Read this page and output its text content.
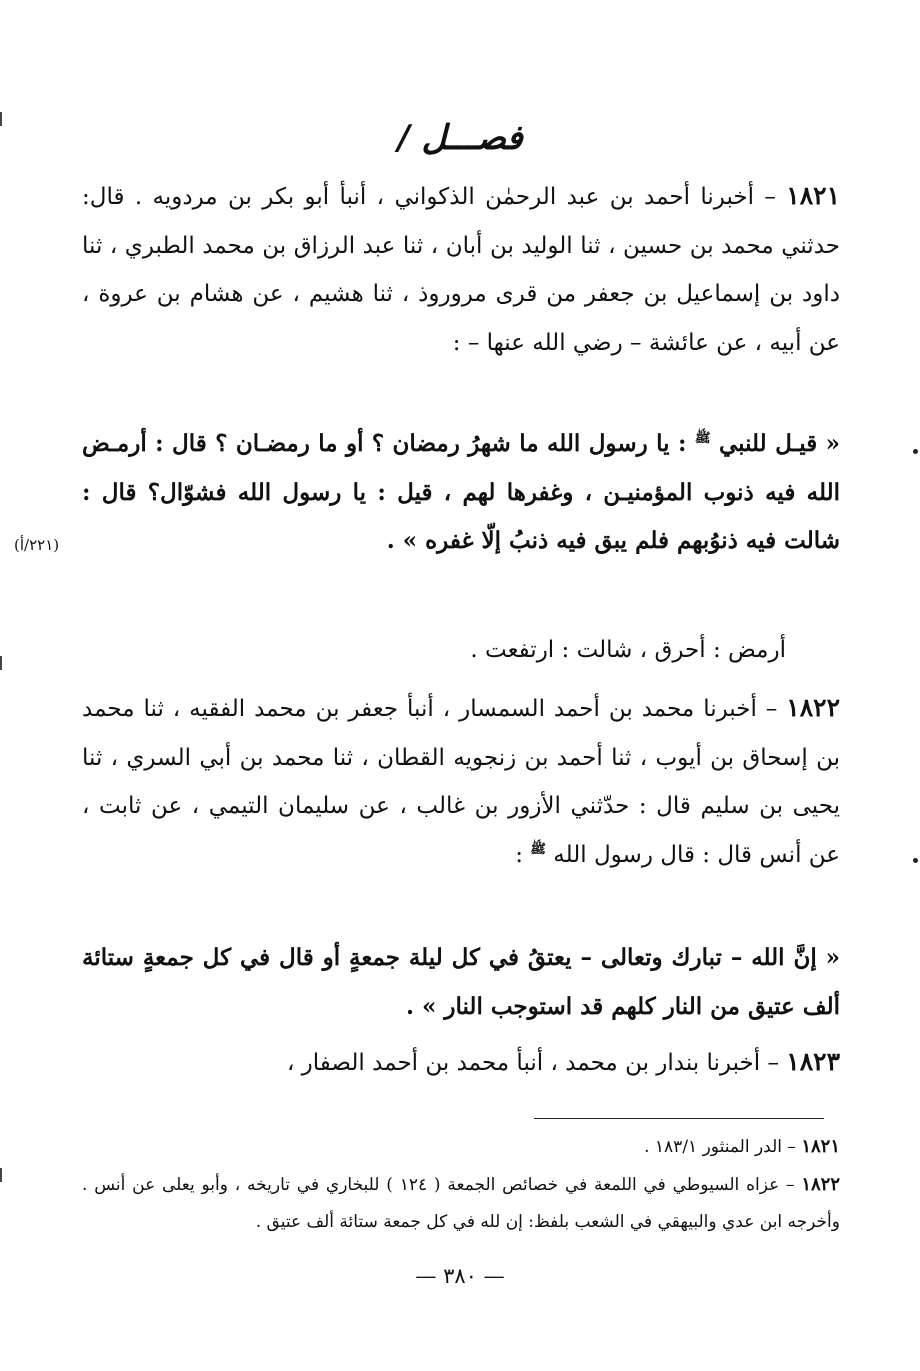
فصـــل /

١٨٢١ – أخبرنا أحمد بن عبد الرحمٰن الذكواني ، أنبأ أبو بكر بن مردويه . قال: حدثني محمد بن حسين ، ثنا الوليد بن أبان ، ثنا عبد الرزاق بن محمد الطبري ، ثنا داود بن إسماعيل بن جعفر من قرى مروروذ ، ثنا هشيم ، عن هشام بن عروة ، عن أبيه ، عن عائشة – رضي الله عنها – :

« قيـل للنبي ﷺ : يا رسول الله ما شهرُ رمضان ؟ أو ما رمضـان ؟ قال : أرمـض الله فيه ذنوب المؤمنيـن ، وغفرها لهم ، قيل : يا رسول الله فشوّال؟ قال : شالت فيه ذنوُبهم فلم يبق فيه ذنبُ إلّا غفره » .

(٢٢١/أ)

أرمض : أحرق ، شالت : ارتفعت .

١٨٢٢ – أخبرنا محمد بن أحمد السمسار ، أنبأ جعفر بن محمد الفقيه ، ثنا محمد بن إسحاق بن أيوب ، ثنا أحمد بن زنجويه القطان ، ثنا محمد بن أبي السري ، ثنا يحيى بن سليم قال : حدّثني الأزور بن غالب ، عن سليمان التيمي ، عن ثابت ، عن أنس قال : قال رسول الله ﷺ :

« إنَّ الله – تبارك وتعالى – يعتقُ في كل ليلة جمعةٍ أو قال في كل جمعةٍ ستائة ألف عتيق من النار كلهم قد استوجب النار » .

١٨٢٣ – أخبرنا بندار بن محمد ، أنبأ محمد بن أحمد الصفار ،

١٨٢١ – الدر المنثور ١٨٣/١ .
١٨٢٢ – عزاه السيوطي في اللمعة في خصائص الجمعة ( ١٢٤ ) للبخاري في تاريخه ، وأبو يعلى عن أنس . وأخرجه ابن عدي والبيهقي في الشعب بلفظ: إن لله في كل جمعة ستائة ألف عتيق .
— ٣٨٠ —
